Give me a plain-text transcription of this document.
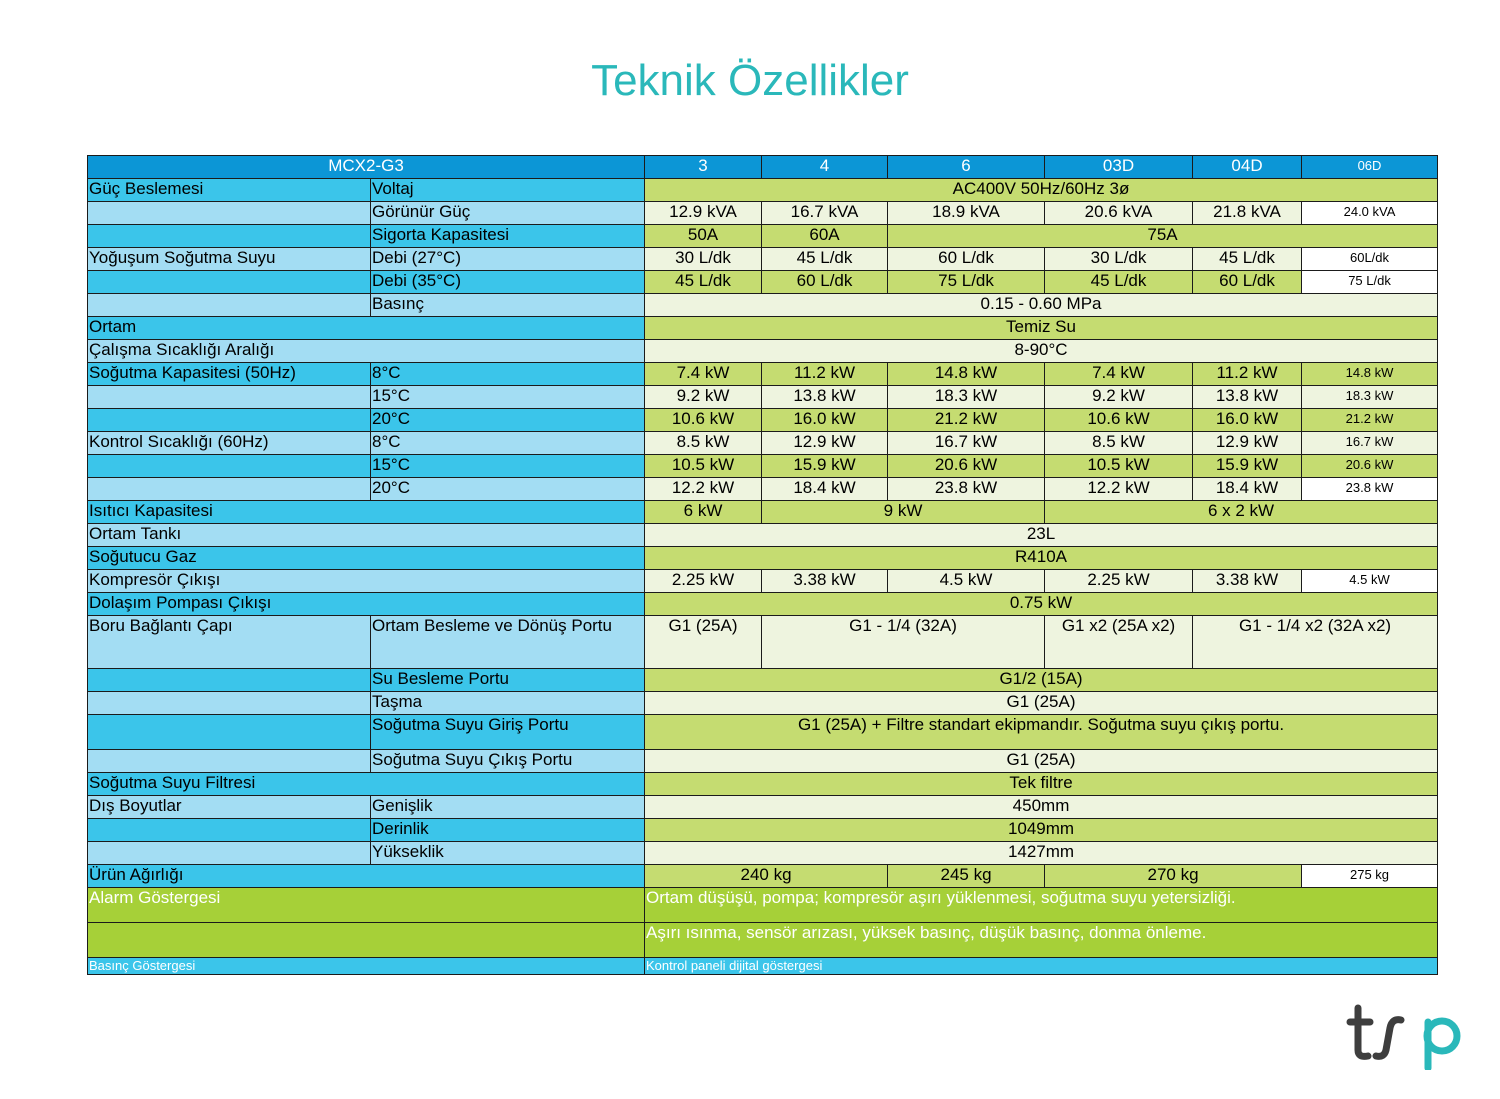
Teknik Özellikler
MCX2-G3		3	4	6	03D	04D	06D
Güç Beslemesi	Voltaj	AC400V 50Hz/60Hz 3ø					
	Görünür Güç	12.9 kVA	16.7 kVA	18.9 kVA	20.6 kVA	21.8 kVA	24.0 kVA
	Sigorta Kapasitesi	50A	60A	75A			
Yoğuşum Soğutma Suyu	Debi (27°C)	30 L/dk	45 L/dk	60 L/dk	30 L/dk	45 L/dk	60L/dk
	Debi (35°C)	45 L/dk	60 L/dk	75 L/dk	45 L/dk	60 L/dk	75 L/dk
	Basınç	0.15 - 0.60 MPa					
Ortam		Temiz Su					
Çalışma Sıcaklığı Aralığı		8-90°C					
Soğutma Kapasitesi (50Hz)	8°C	7.4 kW	11.2 kW	14.8 kW	7.4 kW	11.2 kW	14.8 kW
	15°C	9.2 kW	13.8 kW	18.3 kW	9.2 kW	13.8 kW	18.3 kW
	20°C	10.6 kW	16.0 kW	21.2 kW	10.6 kW	16.0 kW	21.2 kW
Kontrol Sıcaklığı (60Hz)	8°C	8.5 kW	12.9 kW	16.7 kW	8.5 kW	12.9 kW	16.7 kW
	15°C	10.5 kW	15.9 kW	20.6 kW	10.5 kW	15.9 kW	20.6 kW
	20°C	12.2 kW	18.4 kW	23.8 kW	12.2 kW	18.4 kW	23.8 kW
Isıtıcı Kapasitesi		6 kW	9 kW		6 x 2 kW		
Ortam Tankı		23L					
Soğutucu Gaz		R410A					
Kompresör Çıkışı		2.25 kW	3.38 kW	4.5 kW	2.25 kW	3.38 kW	4.5 kW
Dolaşım Pompası Çıkışı		0.75 kW					
Boru Bağlantı Çapı	Ortam Besleme ve Dönüş Portu	G1 (25A)	G1 - 1/4 (32A)		G1 x2 (25A x2)	G1 - 1/4 x2 (32A x2)	
	Su Besleme Portu	G1/2 (15A)					
	Taşma	G1 (25A)					
	Soğutma Suyu Giriş Portu	G1 (25A) + Filtre standart ekipmandır. Soğutma suyu çıkış portu.					
	Soğutma Suyu Çıkış Portu	G1 (25A)					
Soğutma Suyu Filtresi		Tek filtre					
Dış Boyutlar	Genişlik	450mm					
	Derinlik	1049mm					
	Yükseklik	1427mm					
Ürün Ağırlığı		240 kg		245 kg	270 kg		275 kg
Alarm Göstergesi		Ortam düşüşü, pompa; kompresör aşırı yüklenmesi, soğutma suyu yetersizliği.					
		Aşırı ısınma, sensör arızası, yüksek basınç, düşük basınç, donma önleme.					
Basınç Göstergesi		Kontrol paneli dijital göstergesi					
